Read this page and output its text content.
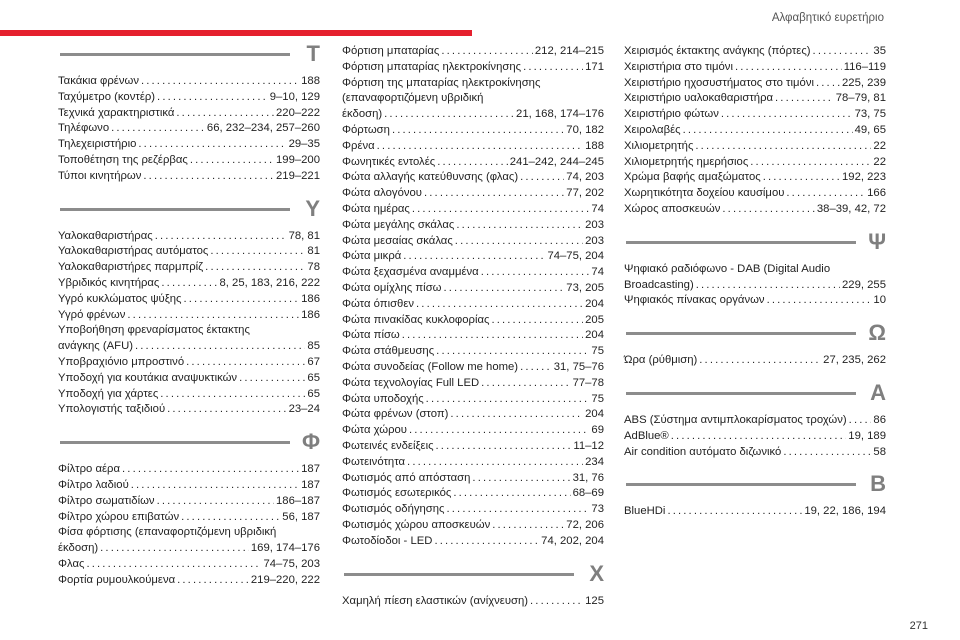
Αλφαβητικό ευρετήριο
Τ
Τακάκια φρένων . . .	188
Ταχύμετρο (κοντέρ) . . .	9–10, 129
Τεχνικά χαρακτηριστικά . . .	220–222
Τηλέφωνο . . .	66, 232–234, 257–260
Τηλεχειριστήριο . . .	29–35
Τοποθέτηση της ρεζέρβας . . .	199–200
Τύποι κινητήρων . . .	219–221
Υ
Υαλοκαθαριστήρας . . .	78, 81
Υαλοκαθαριστήρας αυτόματος . . .	81
Υαλοκαθαριστήρες παρμπρίζ . . .	78
Υβριδικός κινητήρας . . .	8, 25, 183, 216, 222
Υγρό κυκλώματος ψύξης . . .	186
Υγρό φρένων . . .	186
Υποβοήθηση φρεναρίσματος έκτακτης
ανάγκης (AFU) . . .	85
Υποβραχιόνιο μπροστινό . . .	67
Υποδοχή για κουτάκια αναψυκτικών . . .	65
Υποδοχή για χάρτες . . .	65
Υπολογιστής ταξιδιού . . .	23–24
Φ
Φίλτρο αέρα . . .	187
Φίλτρο λαδιού . . .	187
Φίλτρο σωματιδίων . . .	186–187
Φίλτρο χώρου επιβατών . . .	56, 187
Φίσα φόρτισης (επαναφορτιζόμενη υβριδική
έκδοση) . . .	169, 174–176
Φλας . . .	74–75, 203
Φορτία ρυμουλκούμενα . . .	219–220, 222
Φόρτιση μπαταρίας . . .	212, 214–215
Φόρτιση μπαταρίας ηλεκτροκίνησης . . .	171
Φόρτιση της μπαταρίας ηλεκτροκίνησης
(επαναφορτιζόμενη υβριδική
έκδοση) . . .	21, 168, 174–176
Φόρτωση . . .	70, 182
Φρένα . . .	188
Φωνητικές εντολές . . .	241–242, 244–245
Φώτα αλλαγής κατεύθυνσης (φλας) . . .	74, 203
Φώτα αλογόνου . . .	77, 202
Φώτα ημέρας . . .	74
Φώτα μεγάλης σκάλας . . .	203
Φώτα μεσαίας σκάλας . . .	203
Φώτα μικρά . . .	74–75, 204
Φώτα ξεχασμένα αναμμένα . . .	74
Φώτα ομίχλης πίσω . . .	73, 205
Φώτα όπισθεν . . .	204
Φώτα πινακίδας κυκλοφορίας . . .	205
Φώτα πίσω . . .	204
Φώτα στάθμευσης . . .	75
Φώτα συνοδείας (Follow me home) . . .	31, 75–76
Φώτα τεχνολογίας Full LED . . .	77–78
Φώτα υποδοχής . . .	75
Φώτα φρένων (στοπ) . . .	204
Φώτα χώρου . . .	69
Φωτεινές ενδείξεις . . .	11–12
Φωτεινότητα . . .	234
Φωτισμός από απόσταση . . .	31, 76
Φωτισμός εσωτερικός . . .	68–69
Φωτισμός οδήγησης . . .	73
Φωτισμός χώρου αποσκευών . . .	72, 206
Φωτοδίοδοι - LED . . .	74, 202, 204
Χ
Χαμηλή πίεση ελαστικών (ανίχνευση) . . .	125
Χειρισμός έκτακτης ανάγκης (πόρτες) . . .	35
Χειριστήρια στο τιμόνι . . .	116–119
Χειριστήριο ηχοσυστήματος στο τιμόνι . . . 225, 239
Χειριστήριο υαλοκαθαριστήρα . . .	78–79, 81
Χειριστήριο φώτων . . .	73, 75
Χειρολαβές . . .	49, 65
Χιλιομετρητής . . .	22
Χιλιομετρητής ημερήσιος . . .	22
Χρώμα βαφής αμαξώματος . . .	192, 223
Χωρητικότητα δοχείου καυσίμου . . .	166
Χώρος αποσκευών . . .	38–39, 42, 72
Ψ
Ψηφιακό ραδιόφωνο - DAB (Digital Audio
Broadcasting) . . .	229, 255
Ψηφιακός πίνακας οργάνων . . .	10
Ω
Ώρα (ρύθμιση) . . .	27, 235, 262
A
ABS (Σύστημα αντιμπλοκαρίσματος τροχών) . . . 86
AdBlue® . . .	19, 189
Air condition αυτόματο διζωνικό . . .	58
B
BlueHDi . . .	19, 22, 186, 194
271
